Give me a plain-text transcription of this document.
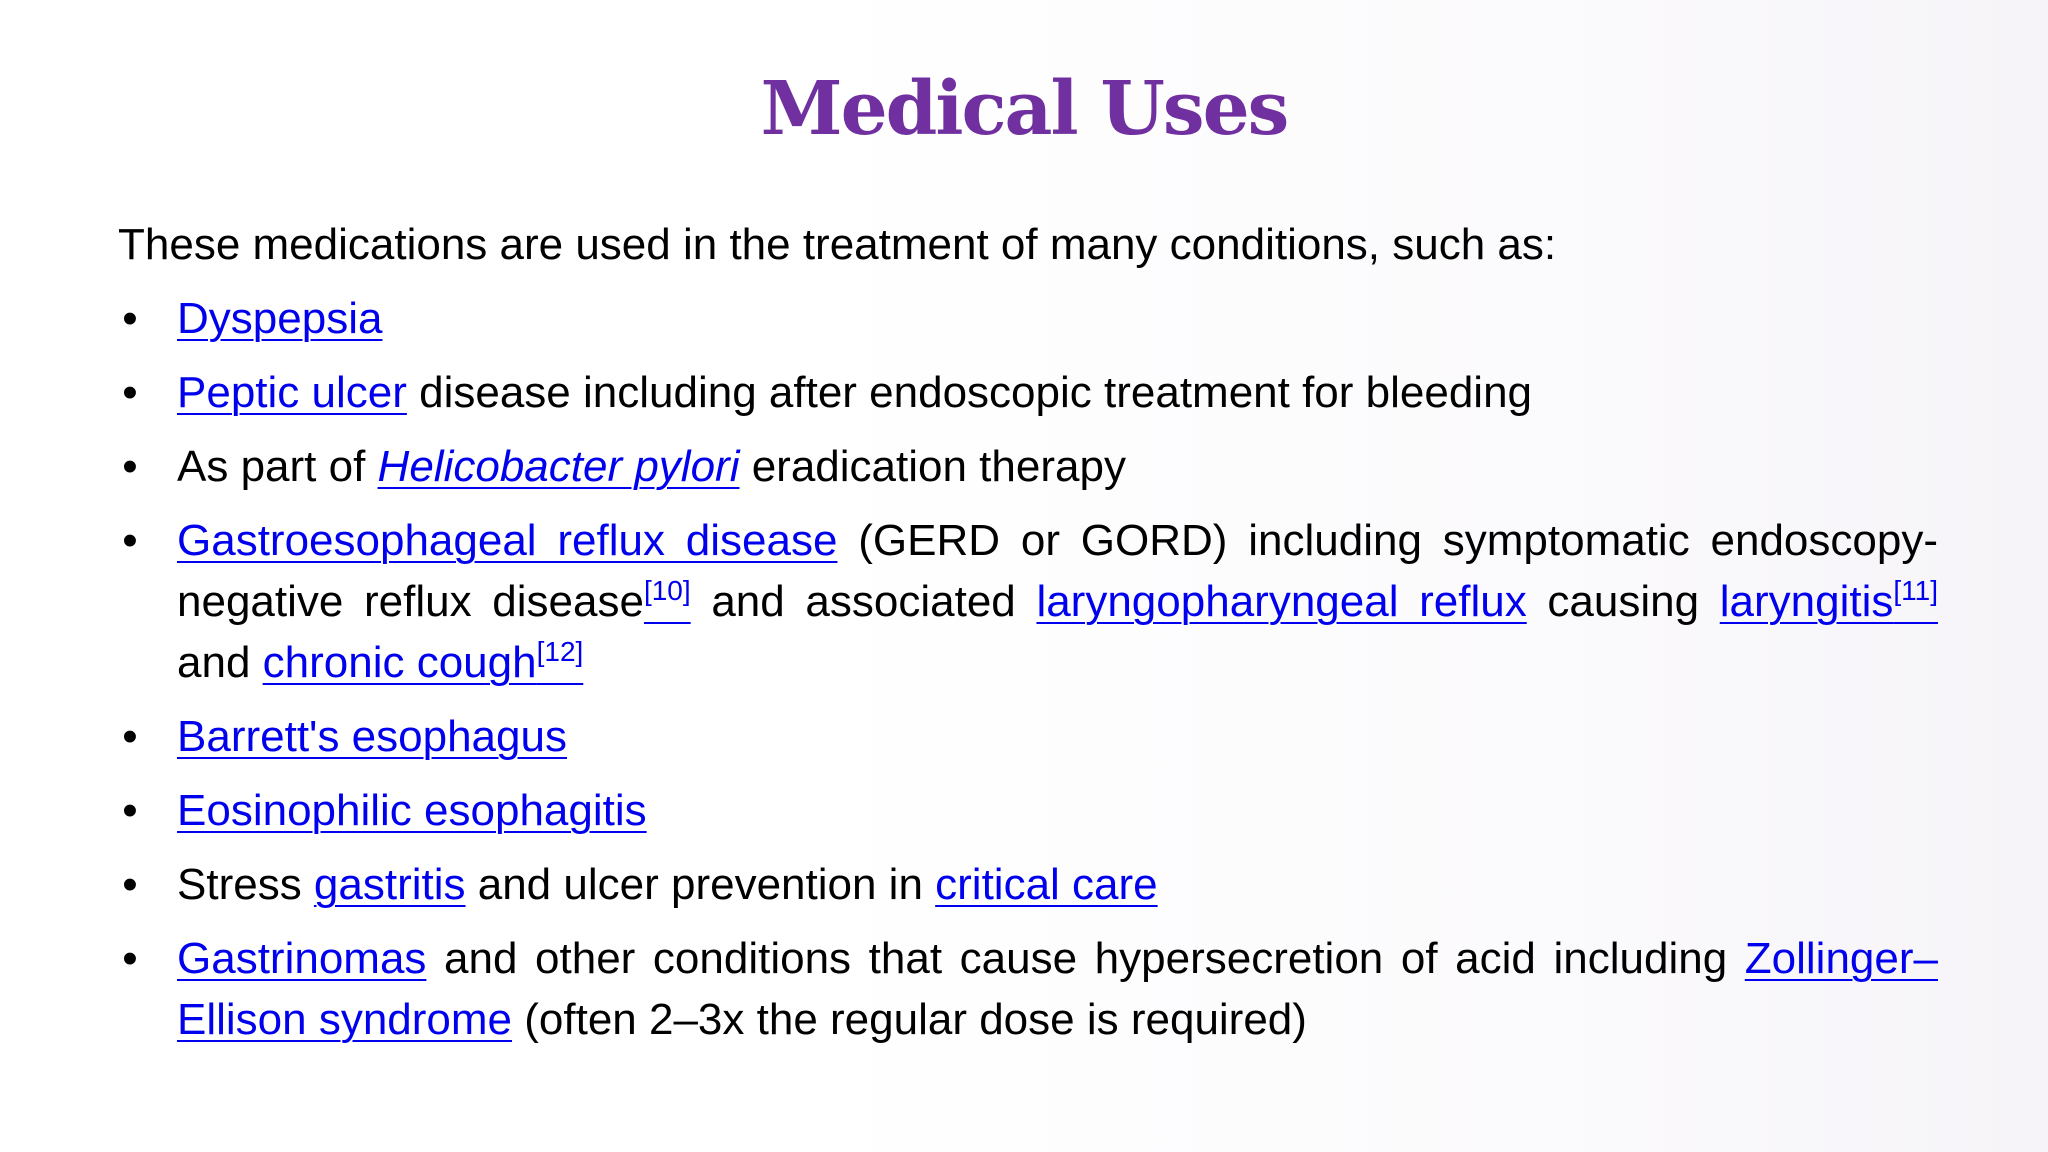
Medical Uses

These medications are used in the treatment of many conditions, such as:

• Dyspepsia
• Peptic ulcer disease including after endoscopic treatment for bleeding
• As part of Helicobacter pylori eradication therapy
• Gastroesophageal reflux disease (GERD or GORD) including symptomatic endoscopy-negative reflux disease[10] and associated laryngopharyngeal reflux causing laryngitis[11] and chronic cough[12]
• Barrett's esophagus
• Eosinophilic esophagitis
• Stress gastritis and ulcer prevention in critical care
• Gastrinomas and other conditions that cause hypersecretion of acid including Zollinger–Ellison syndrome (often 2–3x the regular dose is required)
